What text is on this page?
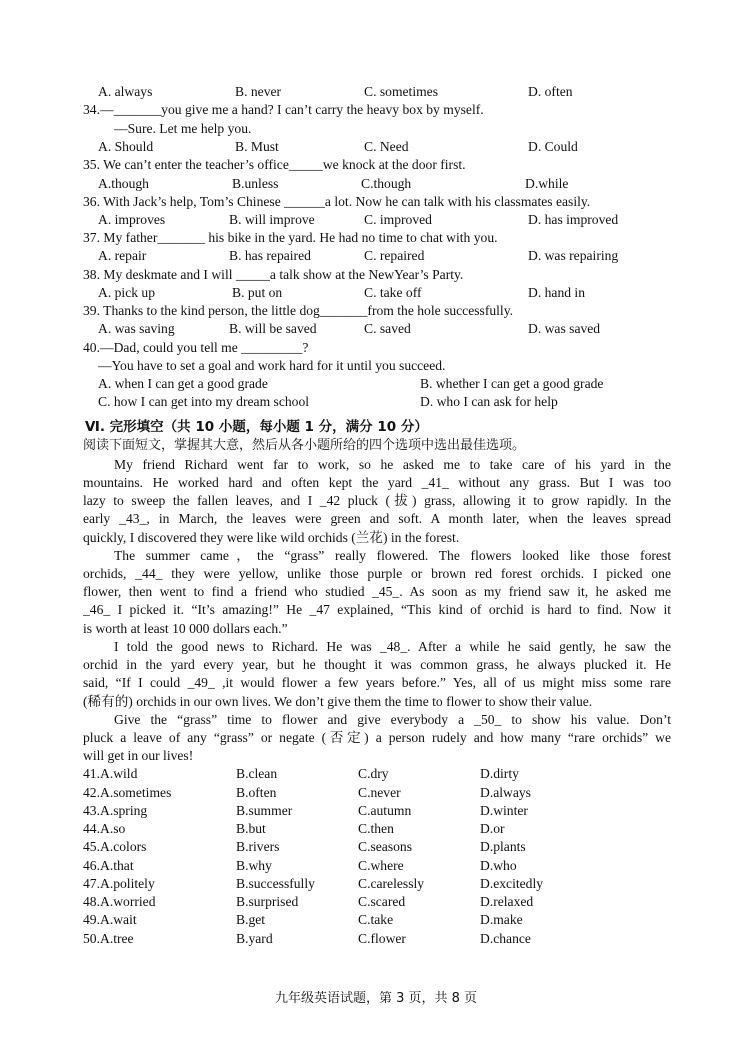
A. always	B. never	C. sometimes	D. often
34.—_______you give me a hand? I can’t carry the heavy box by myself.
—Sure. Let me help you.
A. Should	B. Must	C. Need	D. Could
35. We can’t enter the teacher’s office_____we knock at the door first.
A.though	B.unless	C.though	D.while
36. With Jack’s help, Tom’s Chinese ______a lot. Now he can talk with his classmates easily.
A. improves	B. will improve	C. improved	D. has improved
37. My father_______ his bike in the yard. He had no time to chat with you.
A. repair	B. has repaired	C. repaired	D. was repairing
38. My deskmate and I will _____a talk show at the NewYear’s Party.
A. pick up	B. put on	C. take off	D. hand in
39. Thanks to the kind person, the little dog_______from the hole successfully.
A. was saving	B. will be saved	C. saved	D. was saved
40.—Dad, could you tell me _________?
—You have to set a goal and work hard for it until you succeed.
A. when I can get a good grade	B. whether I can get a good grade
C. how I can get into my dream school	D. who I can ask for help
Ⅵ. 完形填空（共 10 小题，每小题 1 分，满分 10 分）
阅读下面短文，掌握其大意，然后从各小题所给的四个选项中选出最佳选项。
My friend Richard went far to work, so he asked me to take care of his yard in the
mountains. He worked hard and often kept the yard _41_ without any grass. But I was too
lazy to sweep the fallen leaves, and I _42 pluck (拔) grass, allowing it to grow rapidly. In the
early _43_, in March, the leaves were green and soft. A month later, when the leaves spread
quickly, I discovered they were like wild orchids (兰花) in the forest.
The summer came，the “grass” really flowered. The flowers looked like those forest
orchids, _44_ they were yellow, unlike those purple or brown red forest orchids. I picked one
flower, then went to find a friend who studied _45_. As soon as my friend saw it, he asked me
_46_ I picked it. “It’s amazing!” He _47 explained, “This kind of orchid is hard to find. Now it
is worth at least 10 000 dollars each.”
I told the good news to Richard. He was _48_. After a while he said gently, he saw the
orchid in the yard every year, but he thought it was common grass, he always plucked it. He
said, “If I could _49_ ,it would flower a few years before.” Yes, all of us might miss some rare
(稀有的) orchids in our own lives. We don’t give them the time to flower to show their value.
Give the “grass” time to flower and give everybody a _50_ to show his value. Don’t
pluck a leave of any “grass” or negate (否定) a person rudely and how many “rare orchids” we
will get in our lives!
41.A.wild	B.clean	C.dry	D.dirty
42.A.sometimes	B.often	C.never	D.always
43.A.spring	B.summer	C.autumn	D.winter
44.A.so	B.but	C.then	D.or
45.A.colors	B.rivers	C.seasons	D.plants
46.A.that	B.why	C.where	D.who
47.A.politely	B.successfully	C.carelessly	D.excitedly
48.A.worried	B.surprised	C.scared	D.relaxed
49.A.wait	B.get	C.take	D.make
50.A.tree	B.yard	C.flower	D.chance
九年级英语试题，第 3 页，共 8 页
